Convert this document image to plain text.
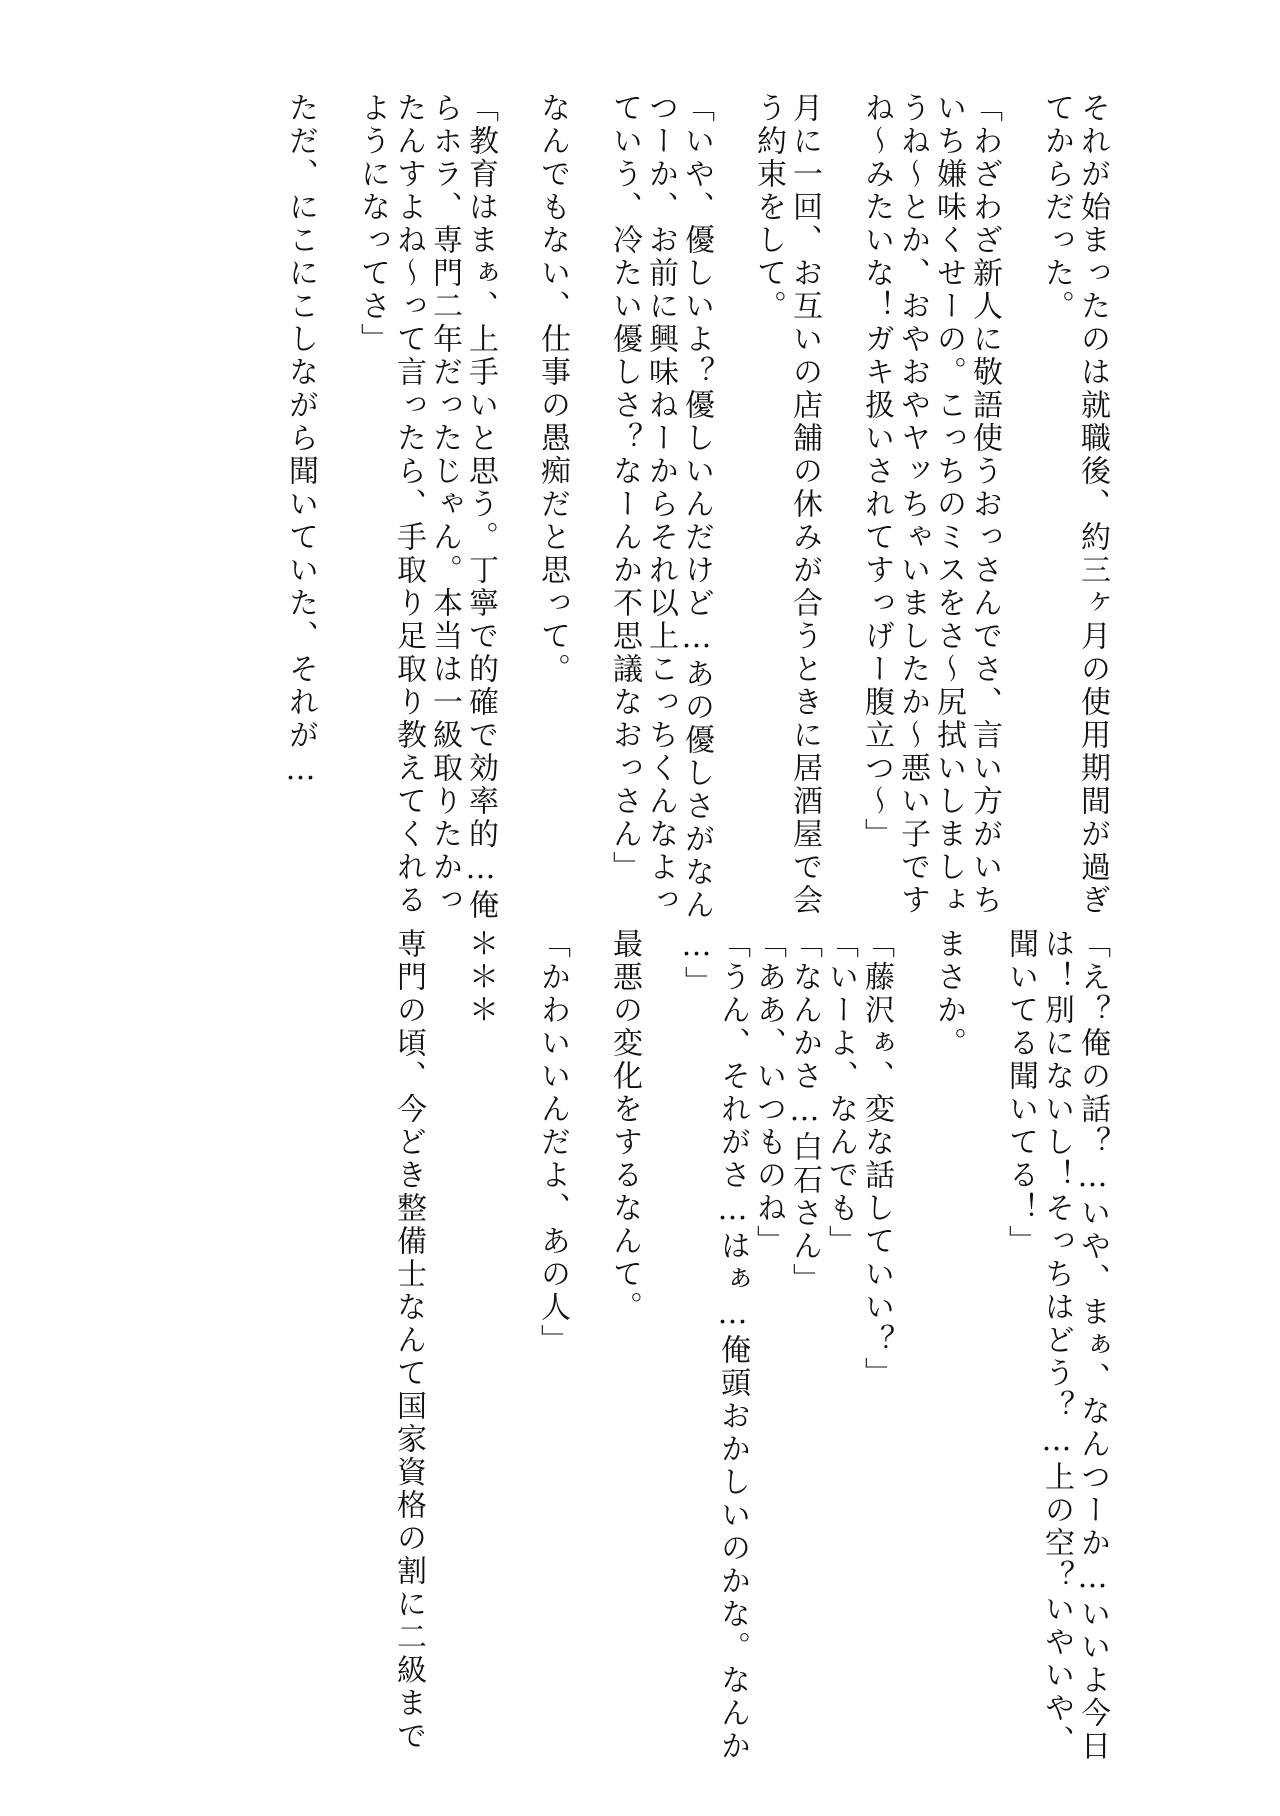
それが始まったのは就職後、約三ヶ月の使用期間が過ぎ

てからだった。

「わざわざ新人に敬語使うおっさんでさ、言い方がいち

いち嫌味くせーの。こっちのミスをさ～尻拭いしましょ

うね～とか、おやおやヤッちゃいましたか～悪い子です

ね～みたいな！ガキ扱いされてすっげー腹立つ～」

月に一回、お互いの店舗の休みが合うときに居酒屋で会

う約束をして。

「いや、優しいよ？優しいんだけど…あの優しさがなん

つーか、お前に興味ねーからそれ以上こっちくんなよっ

ていう、冷たい優しさ？なーんか不思議なおっさん」

なんでもない、仕事の愚痴だと思って。

「教育はまぁ、上手いと思う。丁寧で的確で効率的…俺

らホラ、専門二年だったじゃん。本当は一級取りたかっ

たんすよね～って言ったら、手取り足取り教えてくれる

ようになってさ」

ただ、にこにこしながら聞いていた、それが…

「え？俺の話？…いや、まぁ、なんつーか…いいよ今日

は！別にないし！そっちはどう？…上の空？いやいや、

聞いてる聞いてる！」

まさか。

「藤沢ぁ、変な話していい？」

「いーよ、なんでも」

「なんかさ…白石さん」

「ああ、いつものね」

「うん、それがさ…はぁ…俺頭おかしいのかな。なんか

…」

最悪の変化をするなんて。

「かわいいんだよ、あの人」

＊＊＊

専門の頃、今どき整備士なんて国家資格の割に二級まで
